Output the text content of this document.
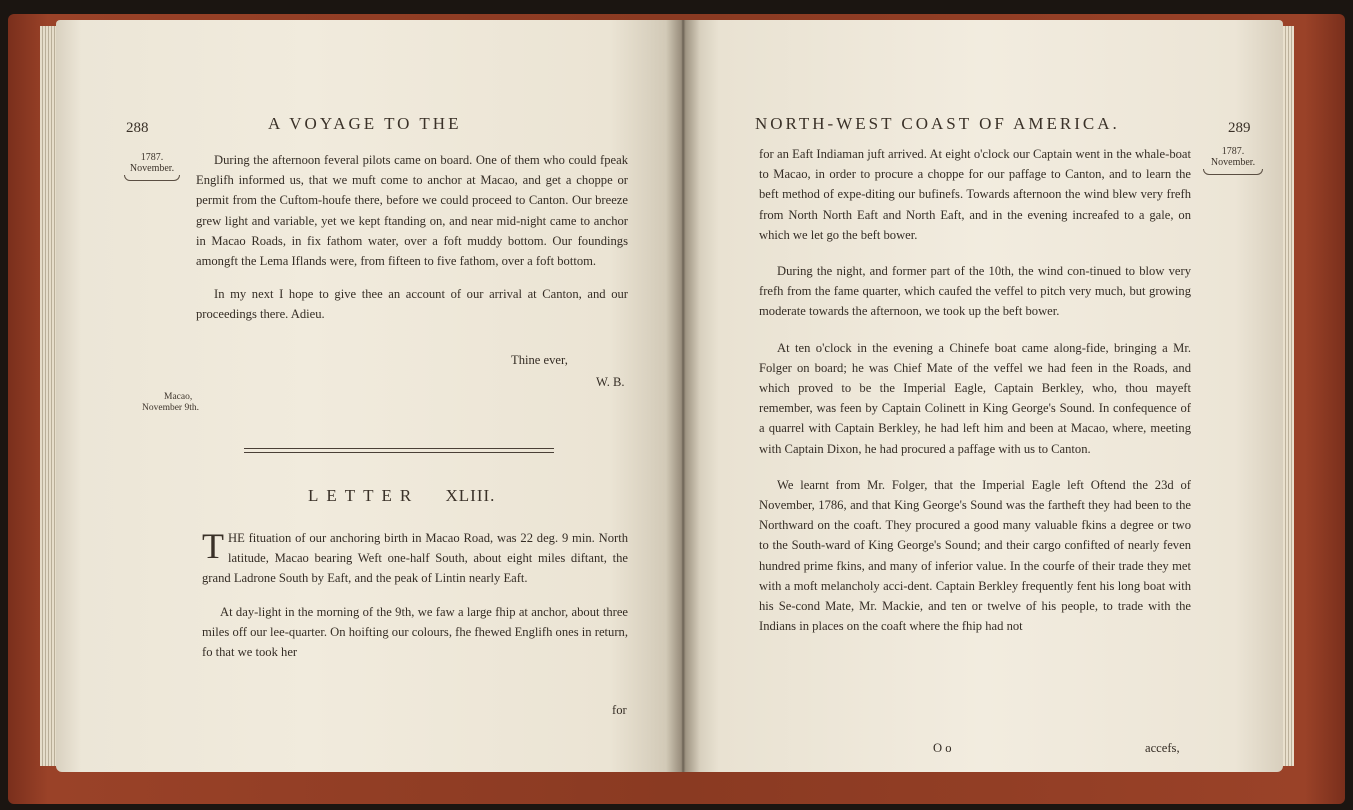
288	A VOYAGE TO THE
1787.
November.

During the afternoon feveral pilots came on board. One of them who could fpeak Englifh informed us, that we muft come to anchor at Macao, and get a choppe or permit from the Cuftom-houfe there, before we could proceed to Canton. Our breeze grew light and variable, yet we kept ftanding on, and near mid-night came to anchor in Macao Roads, in fix fathom water, over a foft muddy bottom. Our foundings amongft the Lema Iflands were, from fifteen to five fathom, over a foft bottom.

In my next I hope to give thee an account of our arrival at Canton, and our proceedings there. Adieu.

Thine ever,
W. B.
Macao,
November 9th.
LETTER XLIII.

THE fituation of our anchoring birth in Macao Road, was 22 deg. 9 min. North latitude, Macao bearing Weft one-half South, about eight miles diftant, the grand Ladrone South by Eaft, and the peak of Lintin nearly Eaft.

At day-light in the morning of the 9th, we faw a large fhip at anchor, about three miles off our lee-quarter. On hoifting our colours, fhe fhewed Englifh ones in return, fo that we took her

for
NORTH-WEST COAST OF AMERICA.	289
1787.
November.

for an Eaft Indiaman juft arrived. At eight o'clock our Captain went in the whale-boat to Macao, in order to procure a choppe for our paffage to Canton, and to learn the beft method of expe-diting our bufinefs. Towards afternoon the wind blew very frefh from North North Eaft and North Eaft, and in the evening increafed to a gale, on which we let go the beft bower.

During the night, and former part of the 10th, the wind con-tinued to blow very frefh from the fame quarter, which caufed the veffel to pitch very much, but growing moderate towards the afternoon, we took up the beft bower.

At ten o'clock in the evening a Chinefe boat came along-fide, bringing a Mr. Folger on board; he was Chief Mate of the veffel we had feen in the Roads, and which proved to be the Imperial Eagle, Captain Berkley, who, thou mayeft remember, was feen by Captain Colinett in King George's Sound. In confequence of a quarrel with Captain Berkley, he had left him and been at Macao, where, meeting with Captain Dixon, he had procured a paffage with us to Canton.

We learnt from Mr. Folger, that the Imperial Eagle left Oftend the 23d of November, 1786, and that King George's Sound was the fartheft they had been to the Northward on the coaft. They procured a good many valuable fkins a degree or two to the South-ward of King George's Sound; and their cargo confifted of nearly feven hundred prime fkins, and many of inferior value. In the courfe of their trade they met with a moft melancholy acci-dent. Captain Berkley frequently fent his long boat with his Se-cond Mate, Mr. Mackie, and ten or twelve of his people, to trade with the Indians in places on the coaft where the fhip had not

O o	accefs,
